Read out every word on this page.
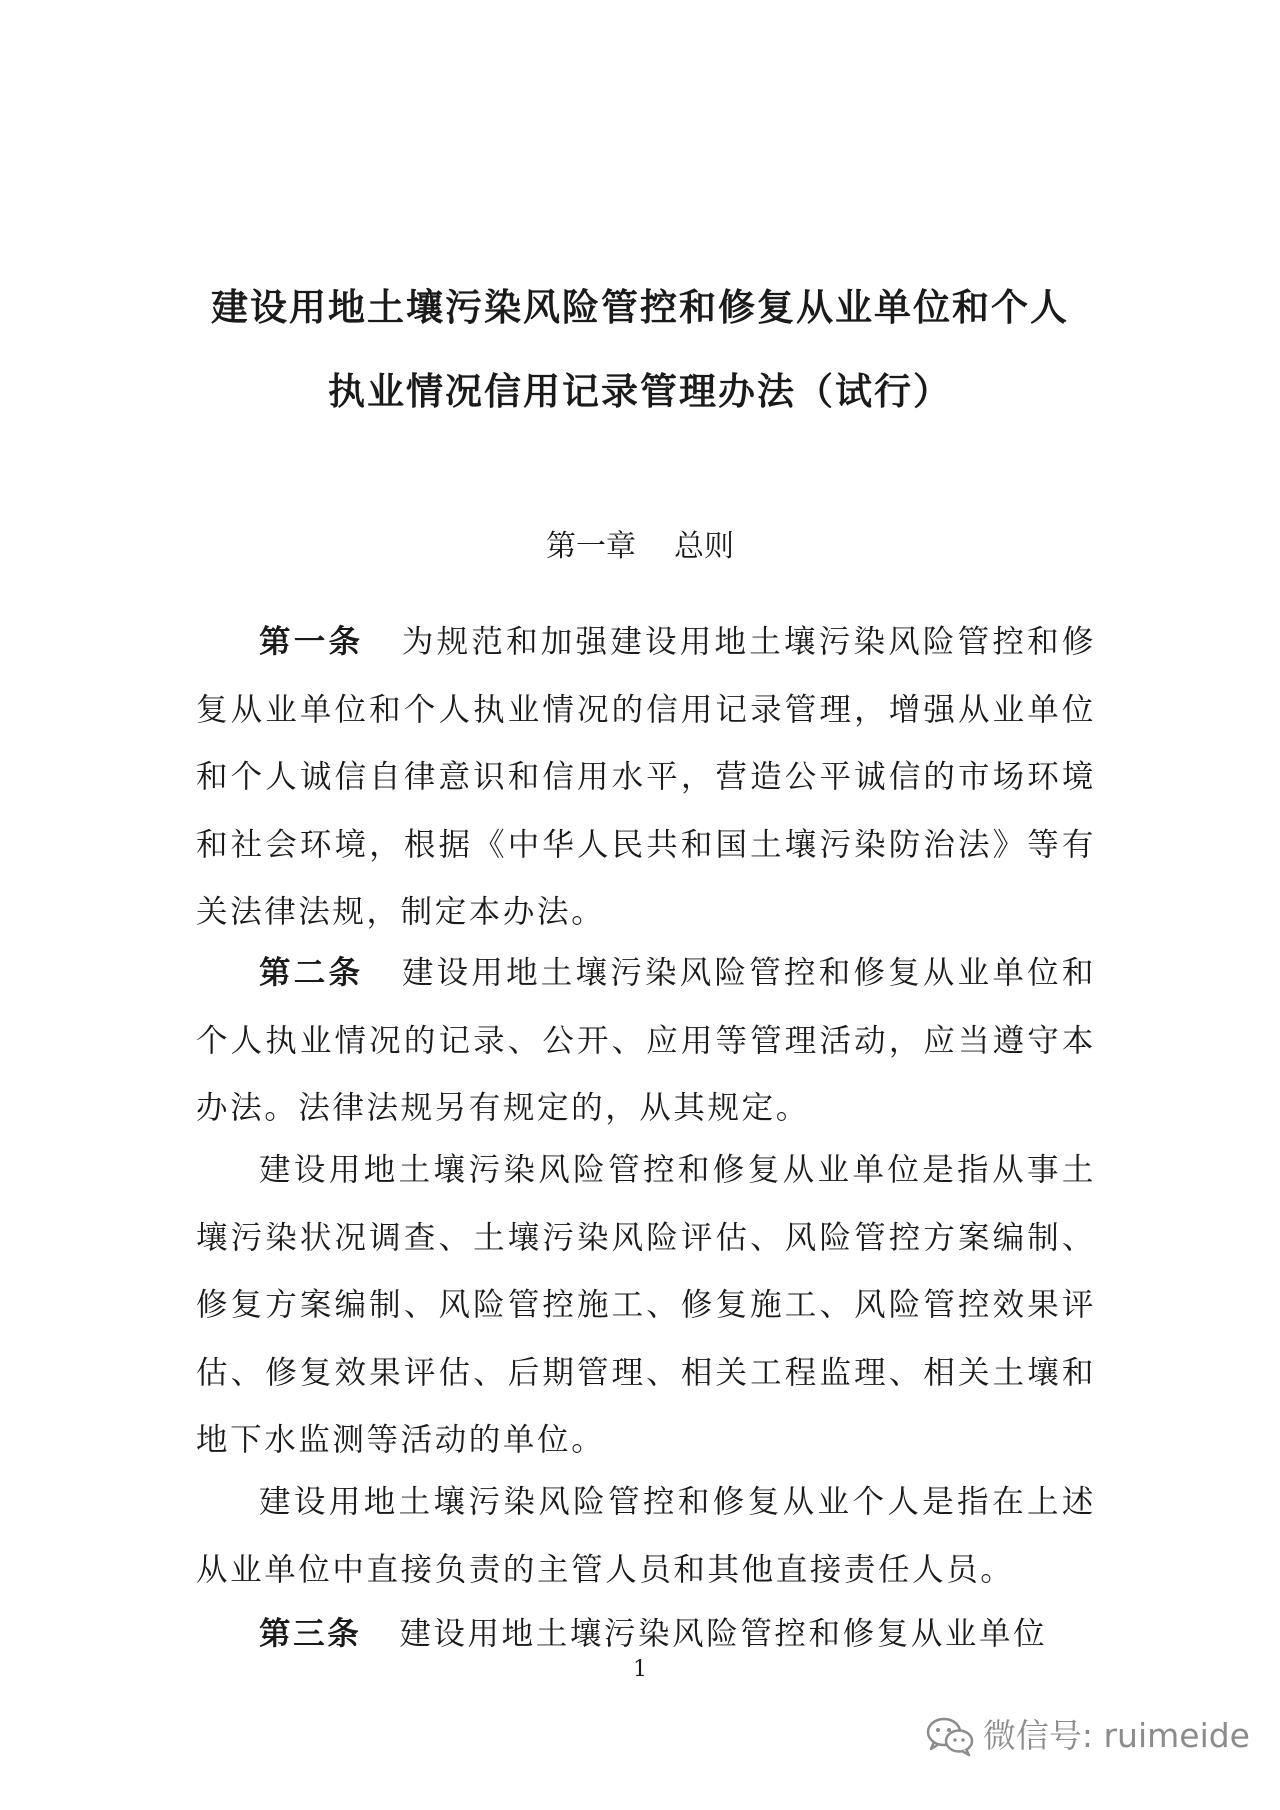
建设用地土壤污染风险管控和修复从业单位和个人
执业情况信用记录管理办法（试行）
第一章 总则

第一条 为规范和加强建设用地土壤污染风险管控和修复从业单位和个人执业情况的信用记录管理，增强从业单位和个人诚信自律意识和信用水平，营造公平诚信的市场环境和社会环境，根据《中华人民共和国土壤污染防治法》等有关法律法规，制定本办法。

第二条 建设用地土壤污染风险管控和修复从业单位和个人执业情况的记录、公开、应用等管理活动，应当遵守本办法。法律法规另有规定的，从其规定。

建设用地土壤污染风险管控和修复从业单位是指从事土壤污染状况调查、土壤污染风险评估、风险管控方案编制、修复方案编制、风险管控施工、修复施工、风险管控效果评估、修复效果评估、后期管理、相关工程监理、相关土壤和地下水监测等活动的单位。

建设用地土壤污染风险管控和修复从业个人是指在上述从业单位中直接负责的主管人员和其他直接责任人员。

第三条 建设用地土壤污染风险管控和修复从业单位

1
微信号: ruimeide
